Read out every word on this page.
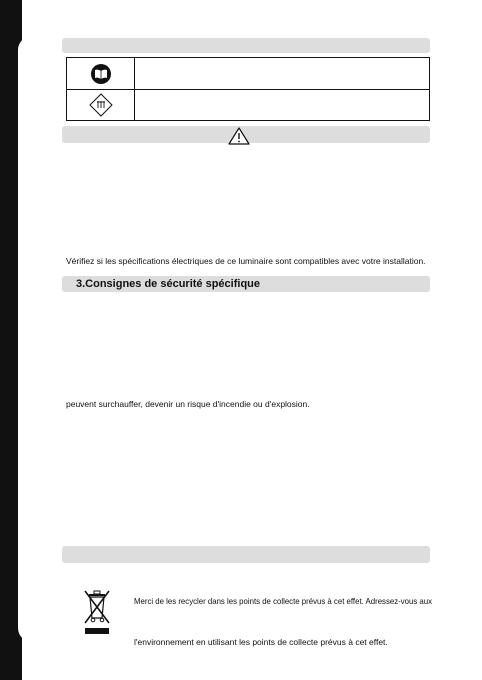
Vérifiez si les spécifications électriques de ce luminaire sont compatibles avec votre installation.
3.Consignes de sécurité spécifique
peuvent surchauffer, devenir un risque d'incendie ou d'explosion.
Merci de les recycler dans les points de collecte prévus à cet effet. Adressez-vous aux
l'environnement en utilisant les points de collecte prévus à cet effet.
